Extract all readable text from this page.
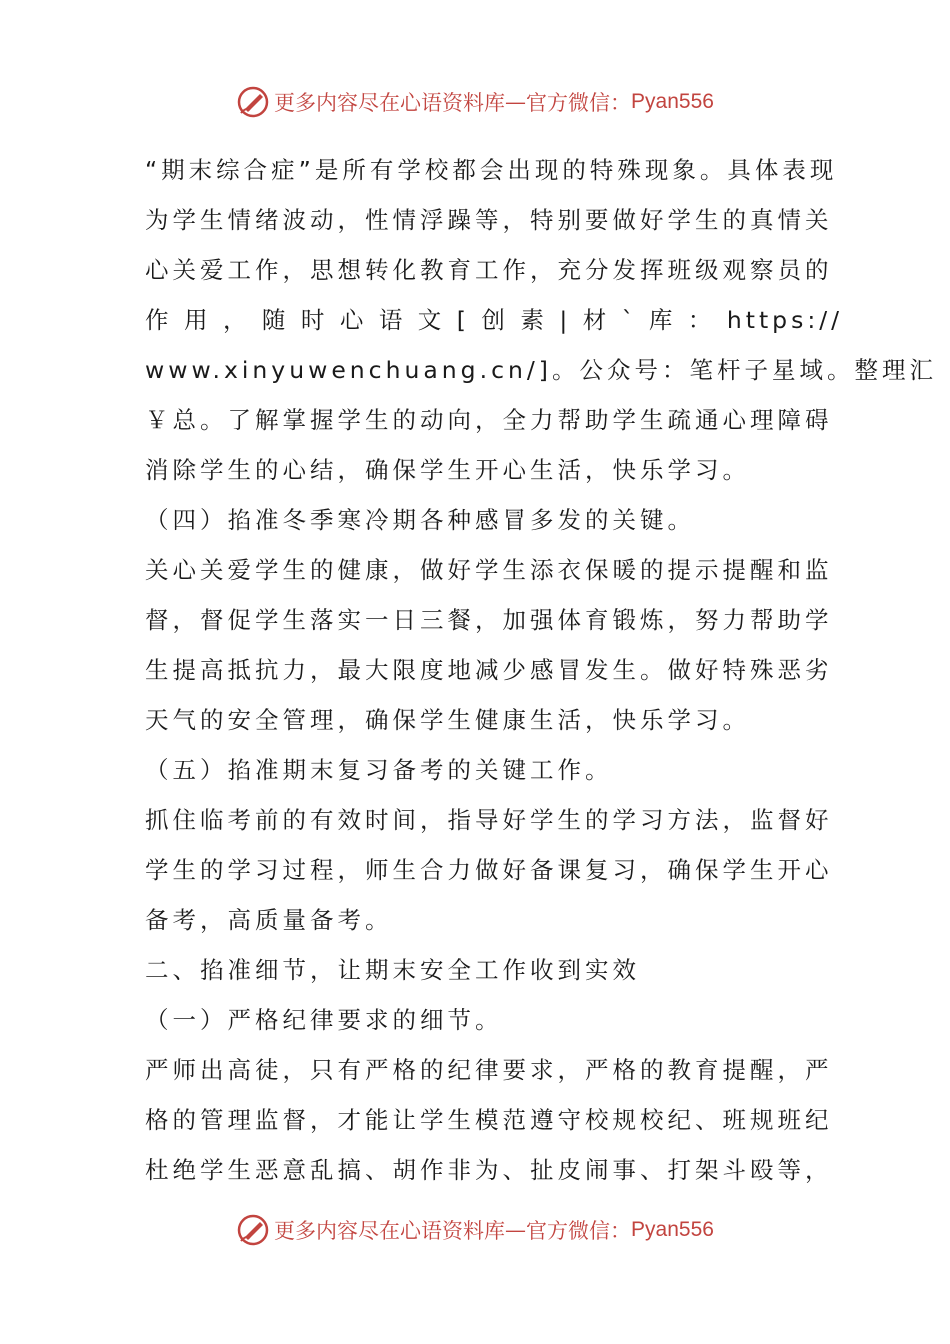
更多内容尽在心语资料库 — 官方微信： Pyan556
“期末综合症”是所有学校都会出现的特殊现象。具体表现
为学生情绪波动，性情浮躁等，特别要做好学生的真情关
心关爱工作，思想转化教育工作，充分发挥班级观察员的
作 用 ， 随 时 心 语 文 [ 创 素 | 材 ` 库 ： https://
www.xinyuwenchuang.cn/]。公众号：笔杆子星域。整理汇
￥总。了解掌握学生的动向，全力帮助学生疏通心理障碍
消除学生的心结，确保学生开心生活，快乐学习。
（四）掐准冬季寒冷期各种感冒多发的关键。
关心关爱学生的健康，做好学生添衣保暖的提示提醒和监
督，督促学生落实一日三餐，加强体育锻炼，努力帮助学
生提高抵抗力，最大限度地减少感冒发生。做好特殊恶劣
天气的安全管理，确保学生健康生活，快乐学习。
（五）掐准期末复习备考的关键工作。
抓住临考前的有效时间，指导好学生的学习方法，监督好
学生的学习过程，师生合力做好备课复习，确保学生开心
备考，高质量备考。
二、掐准细节，让期末安全工作收到实效
（一）严格纪律要求的细节。
严师出高徒，只有严格的纪律要求，严格的教育提醒，严
格的管理监督，才能让学生模范遵守校规校纪、班规班纪
杜绝学生恶意乱搞、胡作非为、扯皮闹事、打架斗殴等，
更多内容尽在心语资料库 — 官方微信： Pyan556
